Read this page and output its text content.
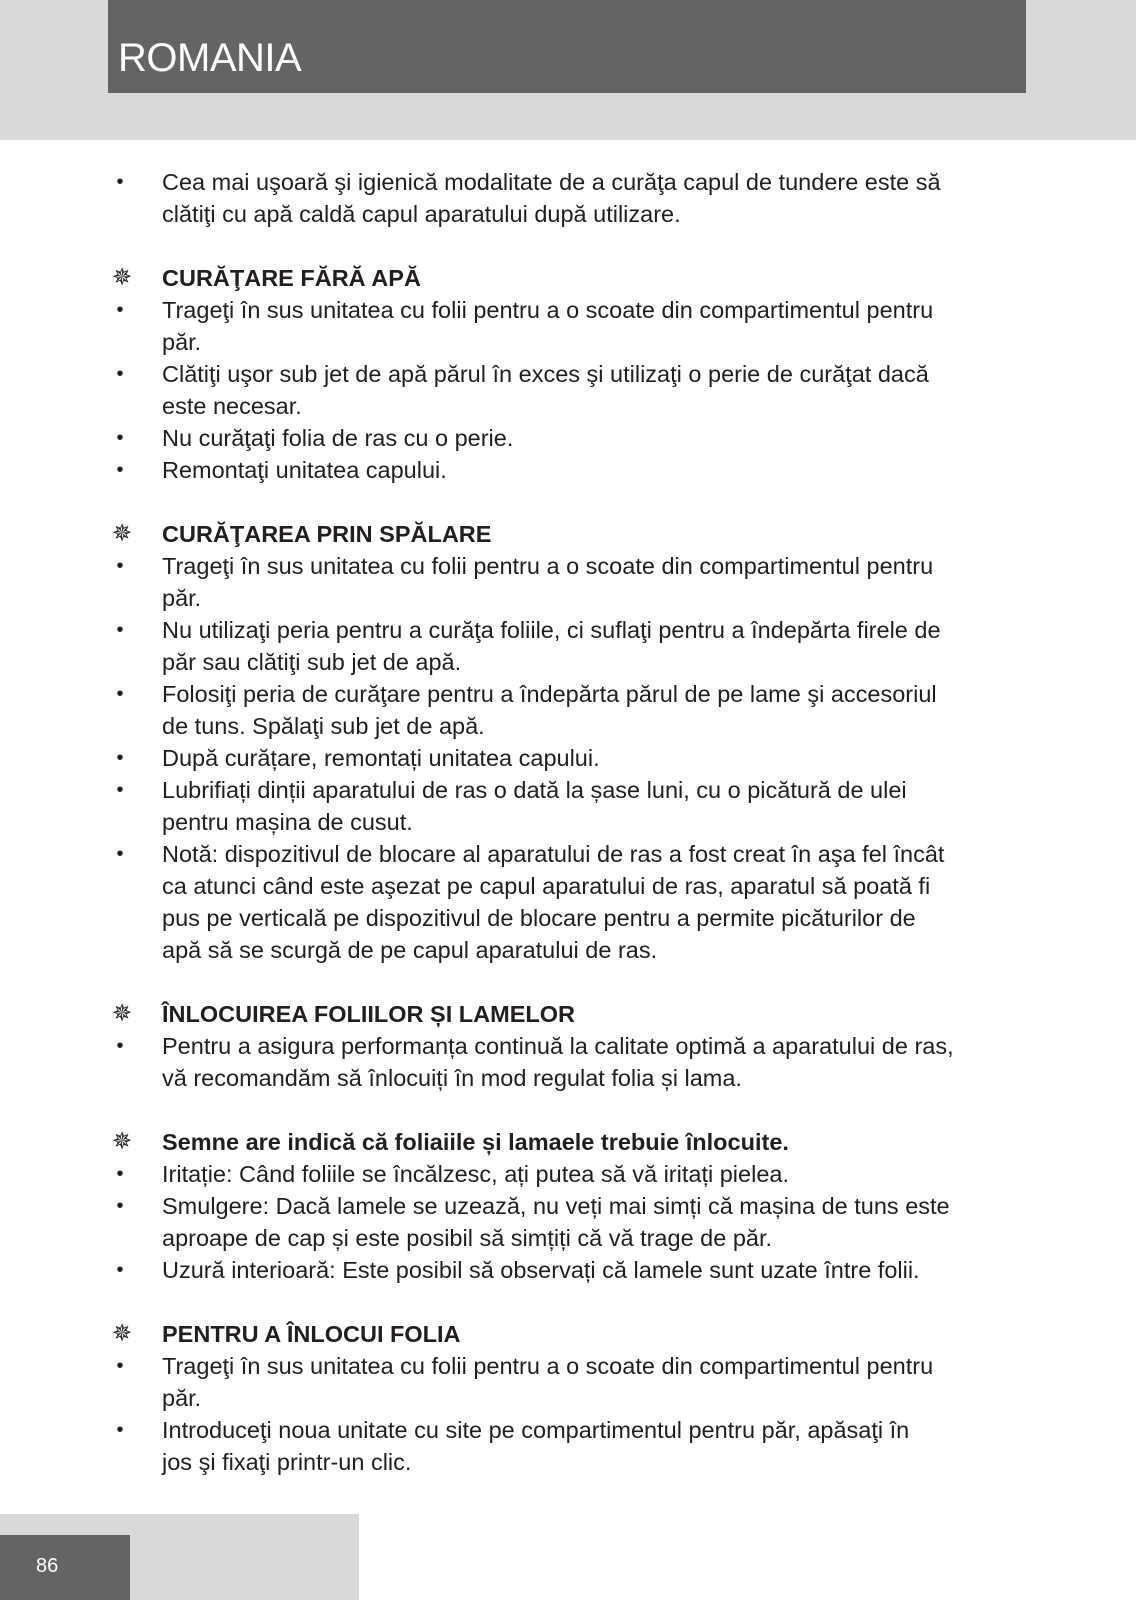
ROMANIA
• Cea mai uşoară şi igienică modalitate de a curăţa capul de tundere este să
clătiţi cu apă caldă capul aparatului după utilizare.
✵ CURĂŢARE FĂRĂ APĂ
• Trageţi în sus unitatea cu folii pentru a o scoate din compartimentul pentru
păr.
• Clătiţi uşor sub jet de apă părul în exces şi utilizaţi o perie de curăţat dacă
este necesar.
• Nu curăţaţi folia de ras cu o perie.
• Remontaţi unitatea capului.
✵ CURĂŢAREA PRIN SPĂLARE
• Trageţi în sus unitatea cu folii pentru a o scoate din compartimentul pentru
păr.
• Nu utilizaţi peria pentru a curăţa foliile, ci suflaţi pentru a îndepărta firele de
păr sau clătiţi sub jet de apă.
• Folosiţi peria de curăţare pentru a îndepărta părul de pe lame şi accesoriul
de tuns. Spălaţi sub jet de apă.
• După curățare, remontați unitatea capului.
• Lubrifiați dinții aparatului de ras o dată la șase luni, cu o picătură de ulei
pentru mașina de cusut.
• Notă: dispozitivul de blocare al aparatului de ras a fost creat în aşa fel încât
ca atunci când este aşezat pe capul aparatului de ras, aparatul să poată fi
pus pe verticală pe dispozitivul de blocare pentru a permite picăturilor de
apă să se scurgă de pe capul aparatului de ras.
✵ ÎNLOCUIREA FOLIILOR ȘI LAMELOR
• Pentru a asigura performanța continuă la calitate optimă a aparatului de ras,
vă recomandăm să înlocuiți în mod regulat folia și lama.
✵ Semne are indică că foliaiile și lamaele trebuie înlocuite.
• Iritație: Când foliile se încălzesc, ați putea să vă iritați pielea.
• Smulgere: Dacă lamele se uzează, nu veți mai simți că mașina de tuns este
aproape de cap și este posibil să simțiți că vă trage de păr.
• Uzură interioară: Este posibil să observați că lamele sunt uzate între folii.
✵ PENTRU A ÎNLOCUI FOLIA
• Trageţi în sus unitatea cu folii pentru a o scoate din compartimentul pentru
păr.
• Introduceţi noua unitate cu site pe compartimentul pentru păr, apăsaţi în
jos şi fixaţi printr-un clic.
86
